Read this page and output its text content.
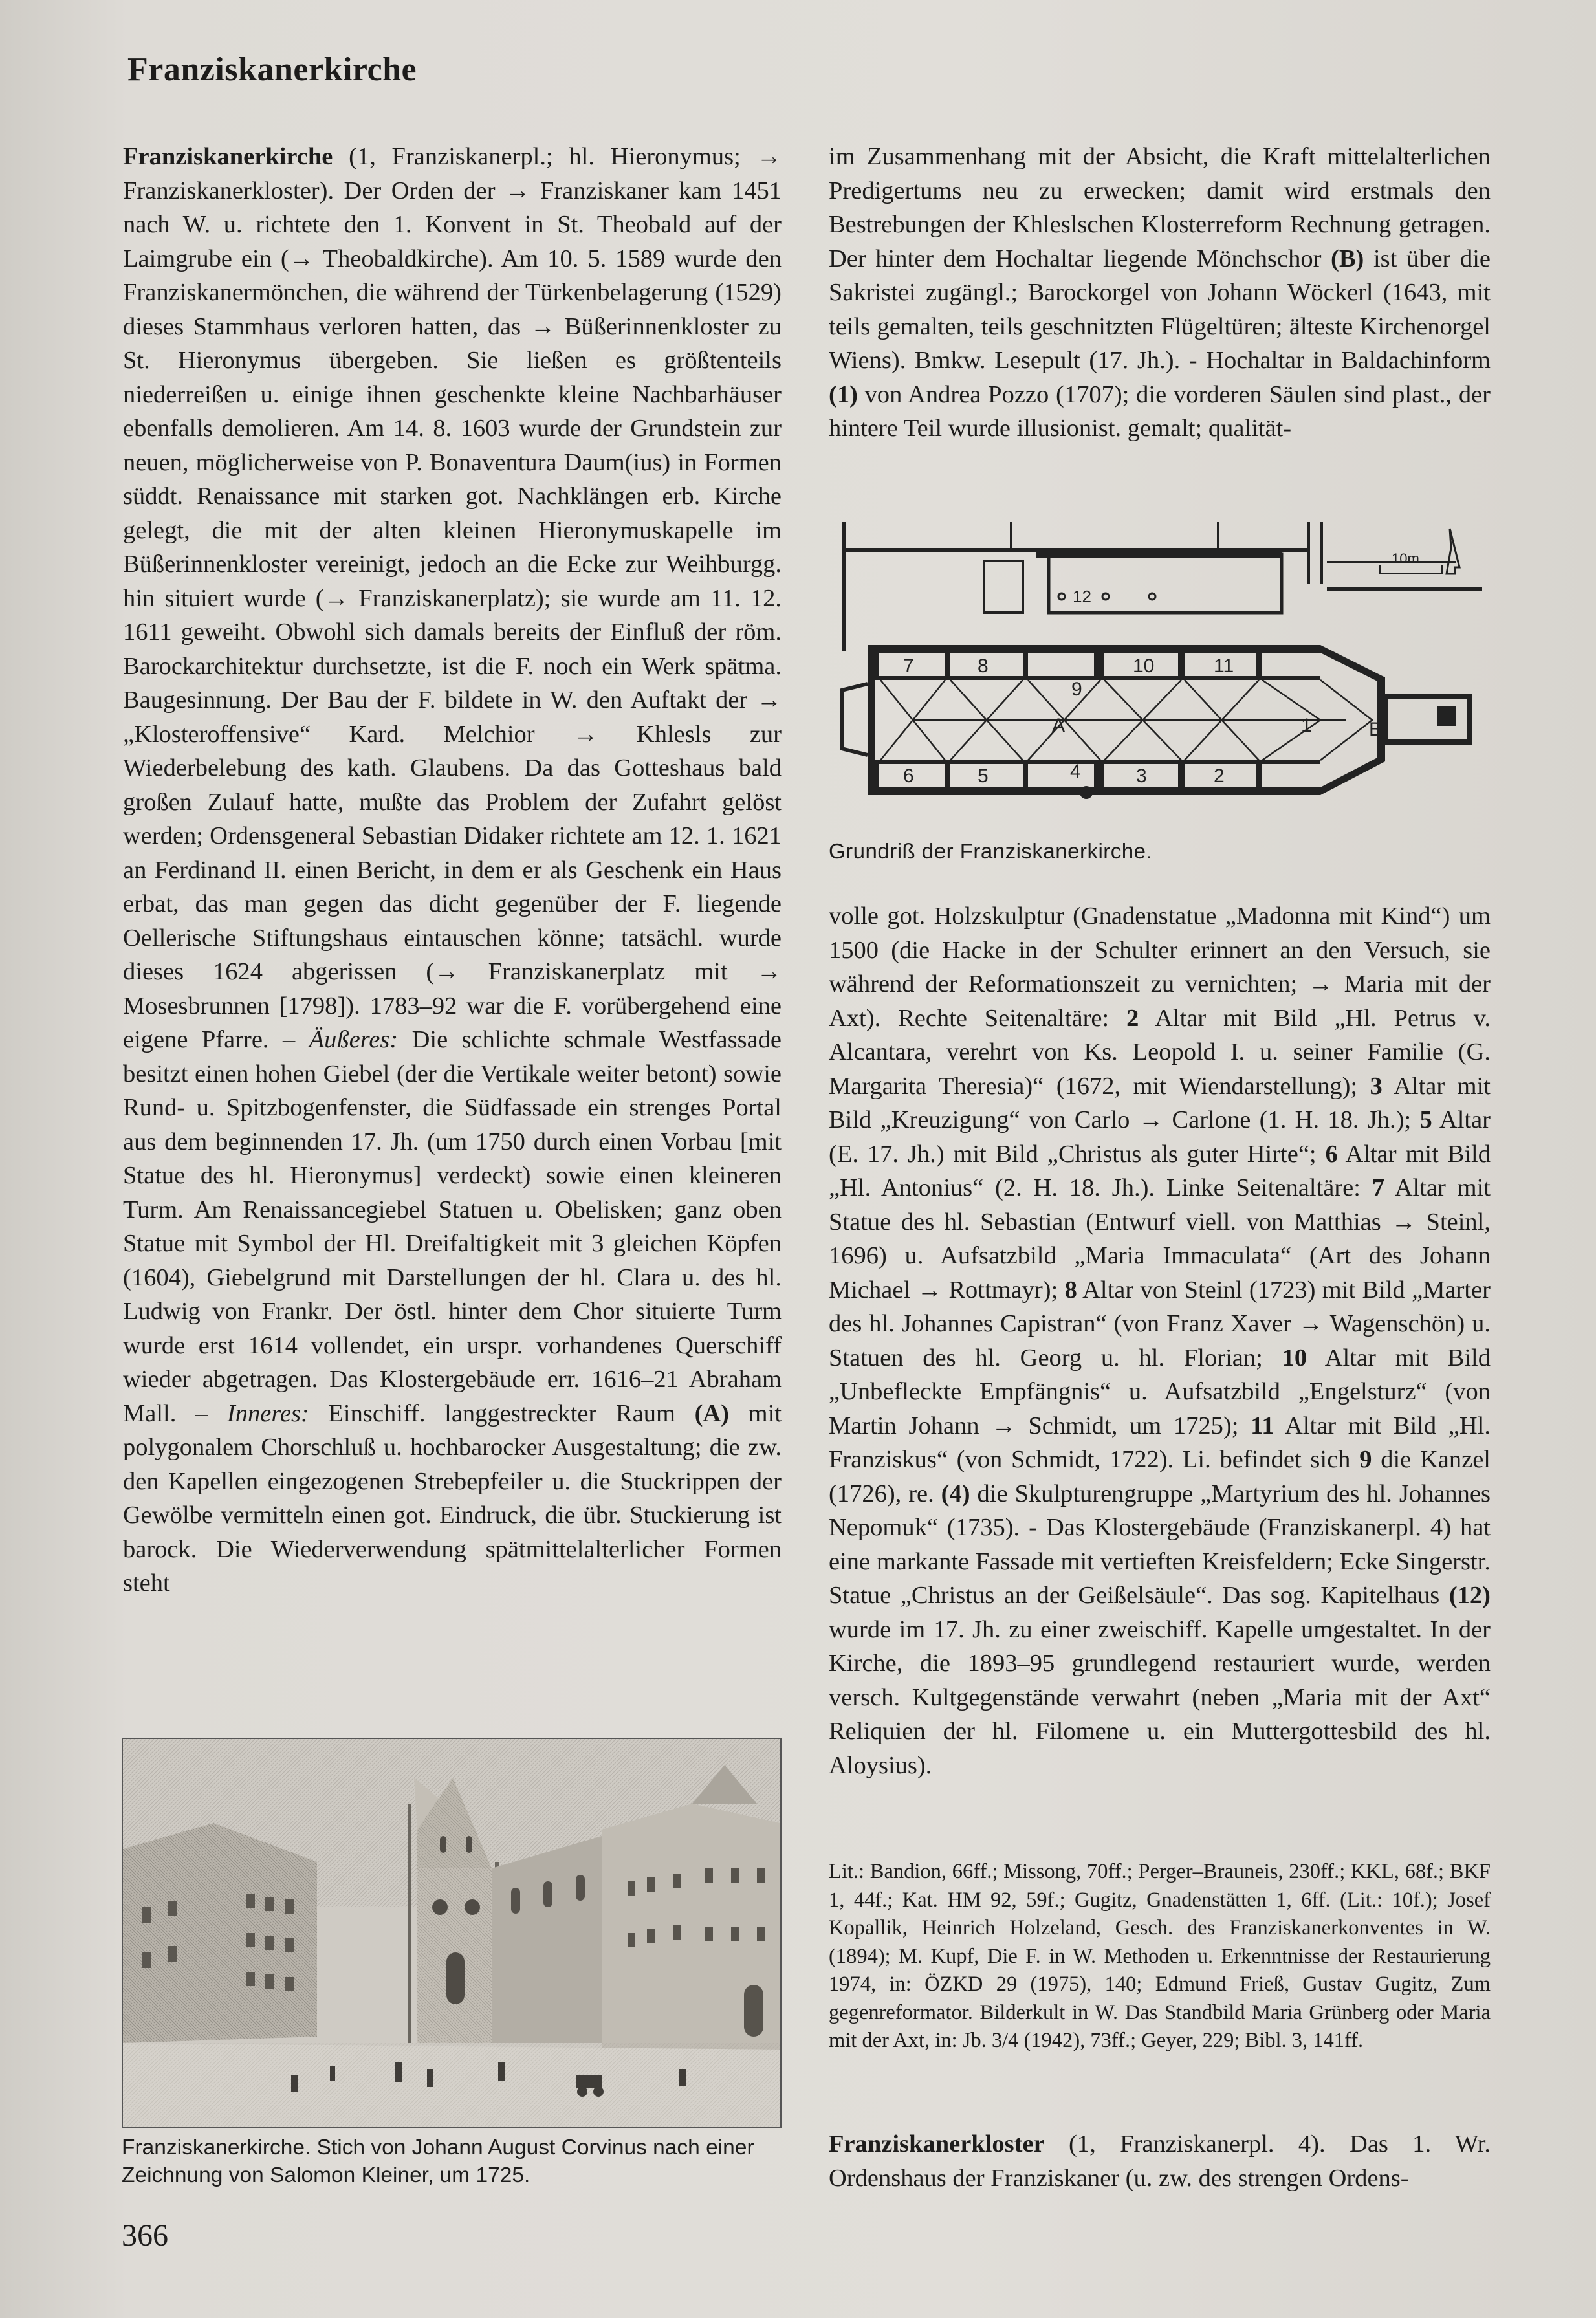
Franziskanerkirche

Franziskanerkirche (1, Franziskanerpl.; hl. Hieronymus; → Franziskanerkloster). Der Orden der → Franziskaner kam 1451 nach W. u. richtete den 1. Konvent in St. Theobald auf der Laimgrube ein (→ Theobaldkirche). Am 10. 5. 1589 wurde den Franziskanermönchen, die während der Türkenbelagerung (1529) dieses Stammhaus verloren hatten, das → Büßerinnenkloster zu St. Hieronymus übergeben. Sie ließen es größtenteils niederreißen u. einige ihnen geschenkte kleine Nachbarhäuser ebenfalls demolieren. Am 14. 8. 1603 wurde der Grundstein zur neuen, möglicherweise von P. Bonaventura Daum(ius) in Formen süddt. Renaissance mit starken got. Nachklängen erb. Kirche gelegt, die mit der alten kleinen Hieronymuskapelle im Büßerinnenkloster vereinigt, jedoch an die Ecke zur Weihburgg. hin situiert wurde (→ Franziskanerplatz); sie wurde am 11. 12. 1611 geweiht. Obwohl sich damals bereits der Einfluß der röm. Barockarchitektur durchsetzte, ist die F. noch ein Werk spätma. Baugesinnung. Der Bau der F. bildete in W. den Auftakt der → „Klosteroffensive“ Kard. Melchior → Khlesls zur Wiederbelebung des kath. Glaubens. Da das Gotteshaus bald großen Zulauf hatte, mußte das Problem der Zufahrt gelöst werden; Ordensgeneral Sebastian Didaker richtete am 12. 1. 1621 an Ferdinand II. einen Bericht, in dem er als Geschenk ein Haus erbat, das man gegen das dicht gegenüber der F. liegende Oellerische Stiftungshaus eintauschen könne; tatsächl. wurde dieses 1624 abgerissen (→ Franziskanerplatz mit → Mosesbrunnen [1798]). 1783–92 war die F. vorübergehend eine eigene Pfarre. – Äußeres: Die schlichte schmale Westfassade besitzt einen hohen Giebel (der die Vertikale weiter betont) sowie Rund- u. Spitzbogenfenster, die Südfassade ein strenges Portal aus dem beginnenden 17. Jh. (um 1750 durch einen Vorbau [mit Statue des hl. Hieronymus] verdeckt) sowie einen kleineren Turm. Am Renaissancegiebel Statuen u. Obelisken; ganz oben Statue mit Symbol der Hl. Dreifaltigkeit mit 3 gleichen Köpfen (1604), Giebelgrund mit Darstellungen der hl. Clara u. des hl. Ludwig von Frankr. Der östl. hinter dem Chor situierte Turm wurde erst 1614 vollendet, ein urspr. vorhandenes Querschiff wieder abgetragen. Das Klostergebäude err. 1616–21 Abraham Mall. – Inneres: Einschiff. langgestreckter Raum (A) mit polygonalem Chorschluß u. hochbarocker Ausgestaltung; die zw. den Kapellen eingezogenen Strebepfeiler u. die Stuckrippen der Gewölbe vermitteln einen got. Eindruck, die übr. Stuckierung ist barock. Die Wiederverwendung spätmittelalterlicher Formen steht

Franziskanerkirche. Stich von Johann August Corvinus nach einer Zeichnung von Salomon Kleiner, um 1725.

im Zusammenhang mit der Absicht, die Kraft mittelalterlichen Predigertums neu zu erwecken; damit wird erstmals den Bestrebungen der Khleslschen Klosterreform Rechnung getragen. Der hinter dem Hochaltar liegende Mönchschor (B) ist über die Sakristei zugängl.; Barockorgel von Johann Wöckerl (1643, mit teils gemalten, teils geschnitzten Flügeltüren; älteste Kirchenorgel Wiens). Bmkw. Lesepult (17. Jh.). - Hochaltar in Baldachinform (1) von Andrea Pozzo (1707); die vorderen Säulen sind plast., der hintere Teil wurde illusionist. gemalt; qualität-

10m
12
7	8	10	11
9
A
4
6	5	3	2
1	B
Grundriß der Franziskanerkirche.

volle got. Holzskulptur (Gnadenstatue „Madonna mit Kind“) um 1500 (die Hacke in der Schulter erinnert an den Versuch, sie während der Reformationszeit zu vernichten; → Maria mit der Axt). Rechte Seitenaltäre: 2 Altar mit Bild „Hl. Petrus v. Alcantara, verehrt von Ks. Leopold I. u. seiner Familie (G. Margarita Theresia)“ (1672, mit Wiendarstellung); 3 Altar mit Bild „Kreuzigung“ von Carlo → Carlone (1. H. 18. Jh.); 5 Altar (E. 17. Jh.) mit Bild „Christus als guter Hirte“; 6 Altar mit Bild „Hl. Antonius“ (2. H. 18. Jh.). Linke Seitenaltäre: 7 Altar mit Statue des hl. Sebastian (Entwurf viell. von Matthias → Steinl, 1696) u. Aufsatzbild „Maria Immaculata“ (Art des Johann Michael → Rottmayr); 8 Altar von Steinl (1723) mit Bild „Marter des hl. Johannes Capistran“ (von Franz Xaver → Wagenschön) u. Statuen des hl. Georg u. hl. Florian; 10 Altar mit Bild „Unbefleckte Empfängnis“ u. Aufsatzbild „Engelsturz“ (von Martin Johann → Schmidt, um 1725); 11 Altar mit Bild „Hl. Franziskus“ (von Schmidt, 1722). Li. befindet sich 9 die Kanzel (1726), re. (4) die Skulpturengruppe „Martyrium des hl. Johannes Nepomuk“ (1735). - Das Klostergebäude (Franziskanerpl. 4) hat eine markante Fassade mit vertieften Kreisfeldern; Ecke Singerstr. Statue „Christus an der Geißelsäule“. Das sog. Kapitelhaus (12) wurde im 17. Jh. zu einer zweischiff. Kapelle umgestaltet. In der Kirche, die 1893–95 grundlegend restauriert wurde, werden versch. Kultgegenstände verwahrt (neben „Maria mit der Axt“ Reliquien der hl. Filomene u. ein Muttergottesbild des hl. Aloysius).

Lit.: Bandion, 66ff.; Missong, 70ff.; Perger–Brauneis, 230ff.; KKL, 68f.; BKF 1, 44f.; Kat. HM 92, 59f.; Gugitz, Gnadenstätten 1, 6ff. (Lit.: 10f.); Josef Kopallik, Heinrich Holzeland, Gesch. des Franziskanerkonventes in W. (1894); M. Kupf, Die F. in W. Methoden u. Erkenntnisse der Restaurierung 1974, in: ÖZKD 29 (1975), 140; Edmund Frieß, Gustav Gugitz, Zum gegenreformator. Bilderkult in W. Das Standbild Maria Grünberg oder Maria mit der Axt, in: Jb. 3/4 (1942), 73ff.; Geyer, 229; Bibl. 3, 141ff.

Franziskanerkloster (1, Franziskanerpl. 4). Das 1. Wr. Ordenshaus der Franziskaner (u. zw. des strengen Ordens-

366
